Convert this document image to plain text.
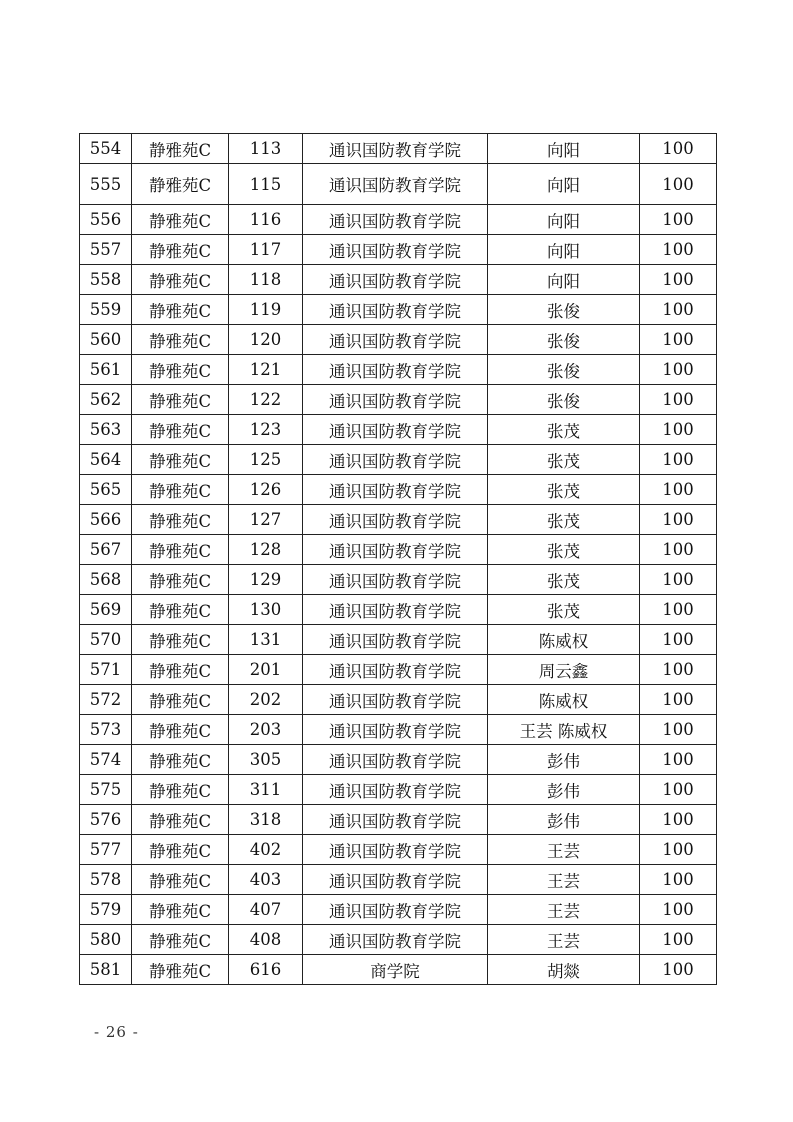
554	静雅苑C	113	通识国防教育学院	向阳	100
555	静雅苑C	115	通识国防教育学院	向阳	100
556	静雅苑C	116	通识国防教育学院	向阳	100
557	静雅苑C	117	通识国防教育学院	向阳	100
558	静雅苑C	118	通识国防教育学院	向阳	100
559	静雅苑C	119	通识国防教育学院	张俊	100
560	静雅苑C	120	通识国防教育学院	张俊	100
561	静雅苑C	121	通识国防教育学院	张俊	100
562	静雅苑C	122	通识国防教育学院	张俊	100
563	静雅苑C	123	通识国防教育学院	张茂	100
564	静雅苑C	125	通识国防教育学院	张茂	100
565	静雅苑C	126	通识国防教育学院	张茂	100
566	静雅苑C	127	通识国防教育学院	张茂	100
567	静雅苑C	128	通识国防教育学院	张茂	100
568	静雅苑C	129	通识国防教育学院	张茂	100
569	静雅苑C	130	通识国防教育学院	张茂	100
570	静雅苑C	131	通识国防教育学院	陈威权	100
571	静雅苑C	201	通识国防教育学院	周云鑫	100
572	静雅苑C	202	通识国防教育学院	陈威权	100
573	静雅苑C	203	通识国防教育学院	王芸 陈威权	100
574	静雅苑C	305	通识国防教育学院	彭伟	100
575	静雅苑C	311	通识国防教育学院	彭伟	100
576	静雅苑C	318	通识国防教育学院	彭伟	100
577	静雅苑C	402	通识国防教育学院	王芸	100
578	静雅苑C	403	通识国防教育学院	王芸	100
579	静雅苑C	407	通识国防教育学院	王芸	100
580	静雅苑C	408	通识国防教育学院	王芸	100
581	静雅苑C	616	商学院	胡燚	100
- 26 -
